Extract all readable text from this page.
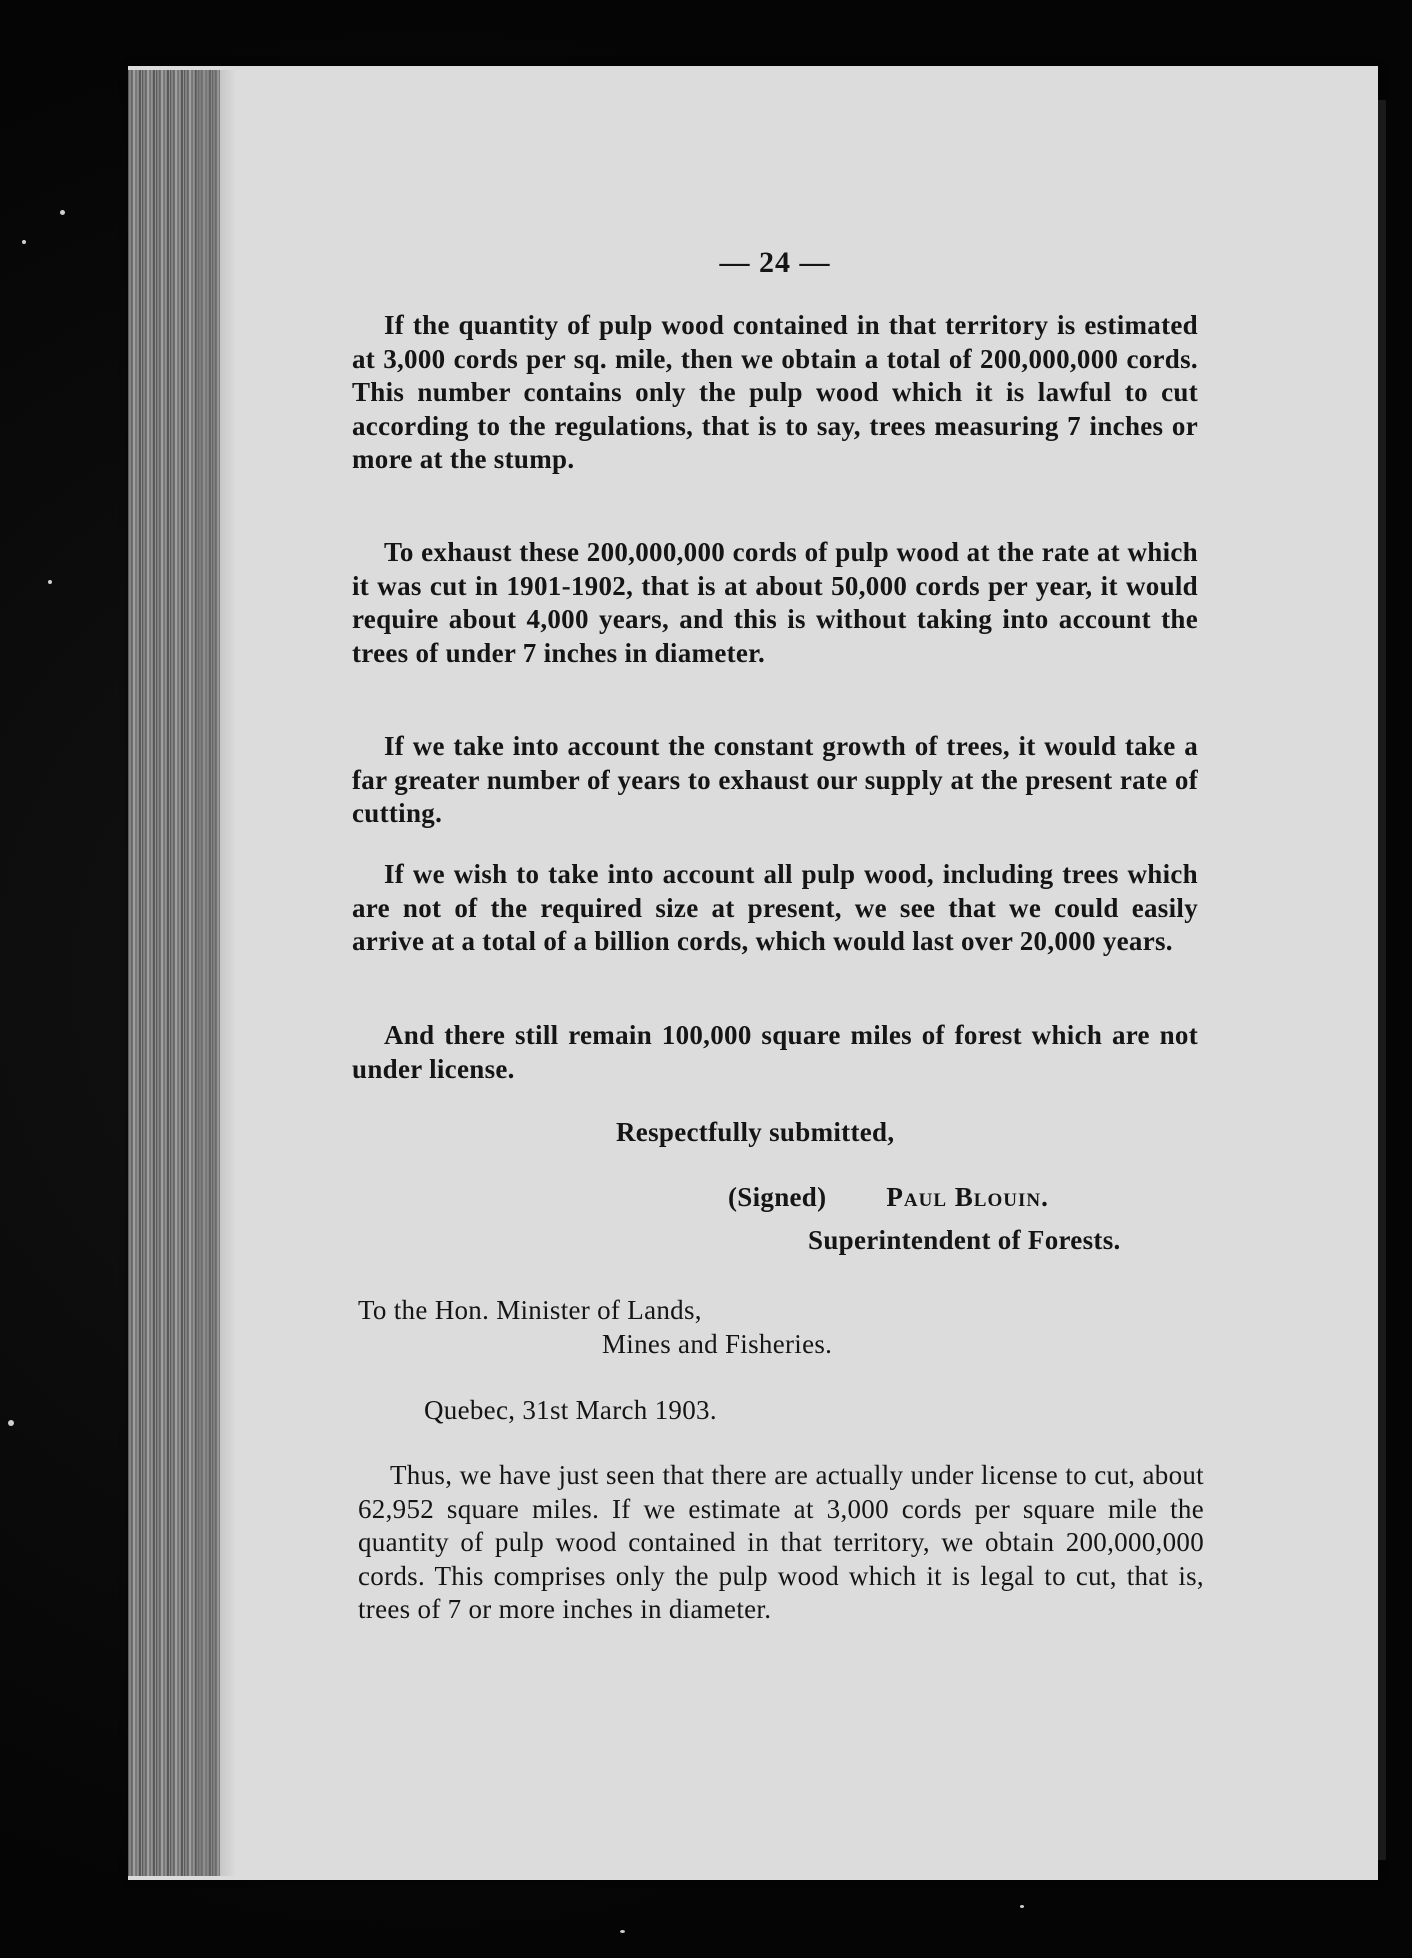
— 24 —

If the quantity of pulp wood contained in that territory is estimated at 3,000 cords per sq. mile, then we obtain a total of 200,000,000 cords. This number contains only the pulp wood which it is lawful to cut according to the regulations, that is to say, trees measuring 7 inches or more at the stump.

To exhaust these 200,000,000 cords of pulp wood at the rate at which it was cut in 1901-1902, that is at about 50,000 cords per year, it would require about 4,000 years, and this is without taking into account the trees of under 7 inches in diameter.

If we take into account the constant growth of trees, it would take a far greater number of years to exhaust our supply at the present rate of cutting.

If we wish to take into account all pulp wood, including trees which are not of the required size at present, we see that we could easily arrive at a total of a billion cords, which would last over 20,000 years.

And there still remain 100,000 square miles of forest which are not under license.

Respectfully submitted,
(Signed) Paul Blouin.
Superintendent of Forests.
To the Hon. Minister of Lands,
Mines and Fisheries.
Quebec, 31st March 1903.

Thus, we have just seen that there are actually under license to cut, about 62,952 square miles. If we estimate at 3,000 cords per square mile the quantity of pulp wood contained in that territory, we obtain 200,000,000 cords. This comprises only the pulp wood which it is legal to cut, that is, trees of 7 or more inches in diameter.
